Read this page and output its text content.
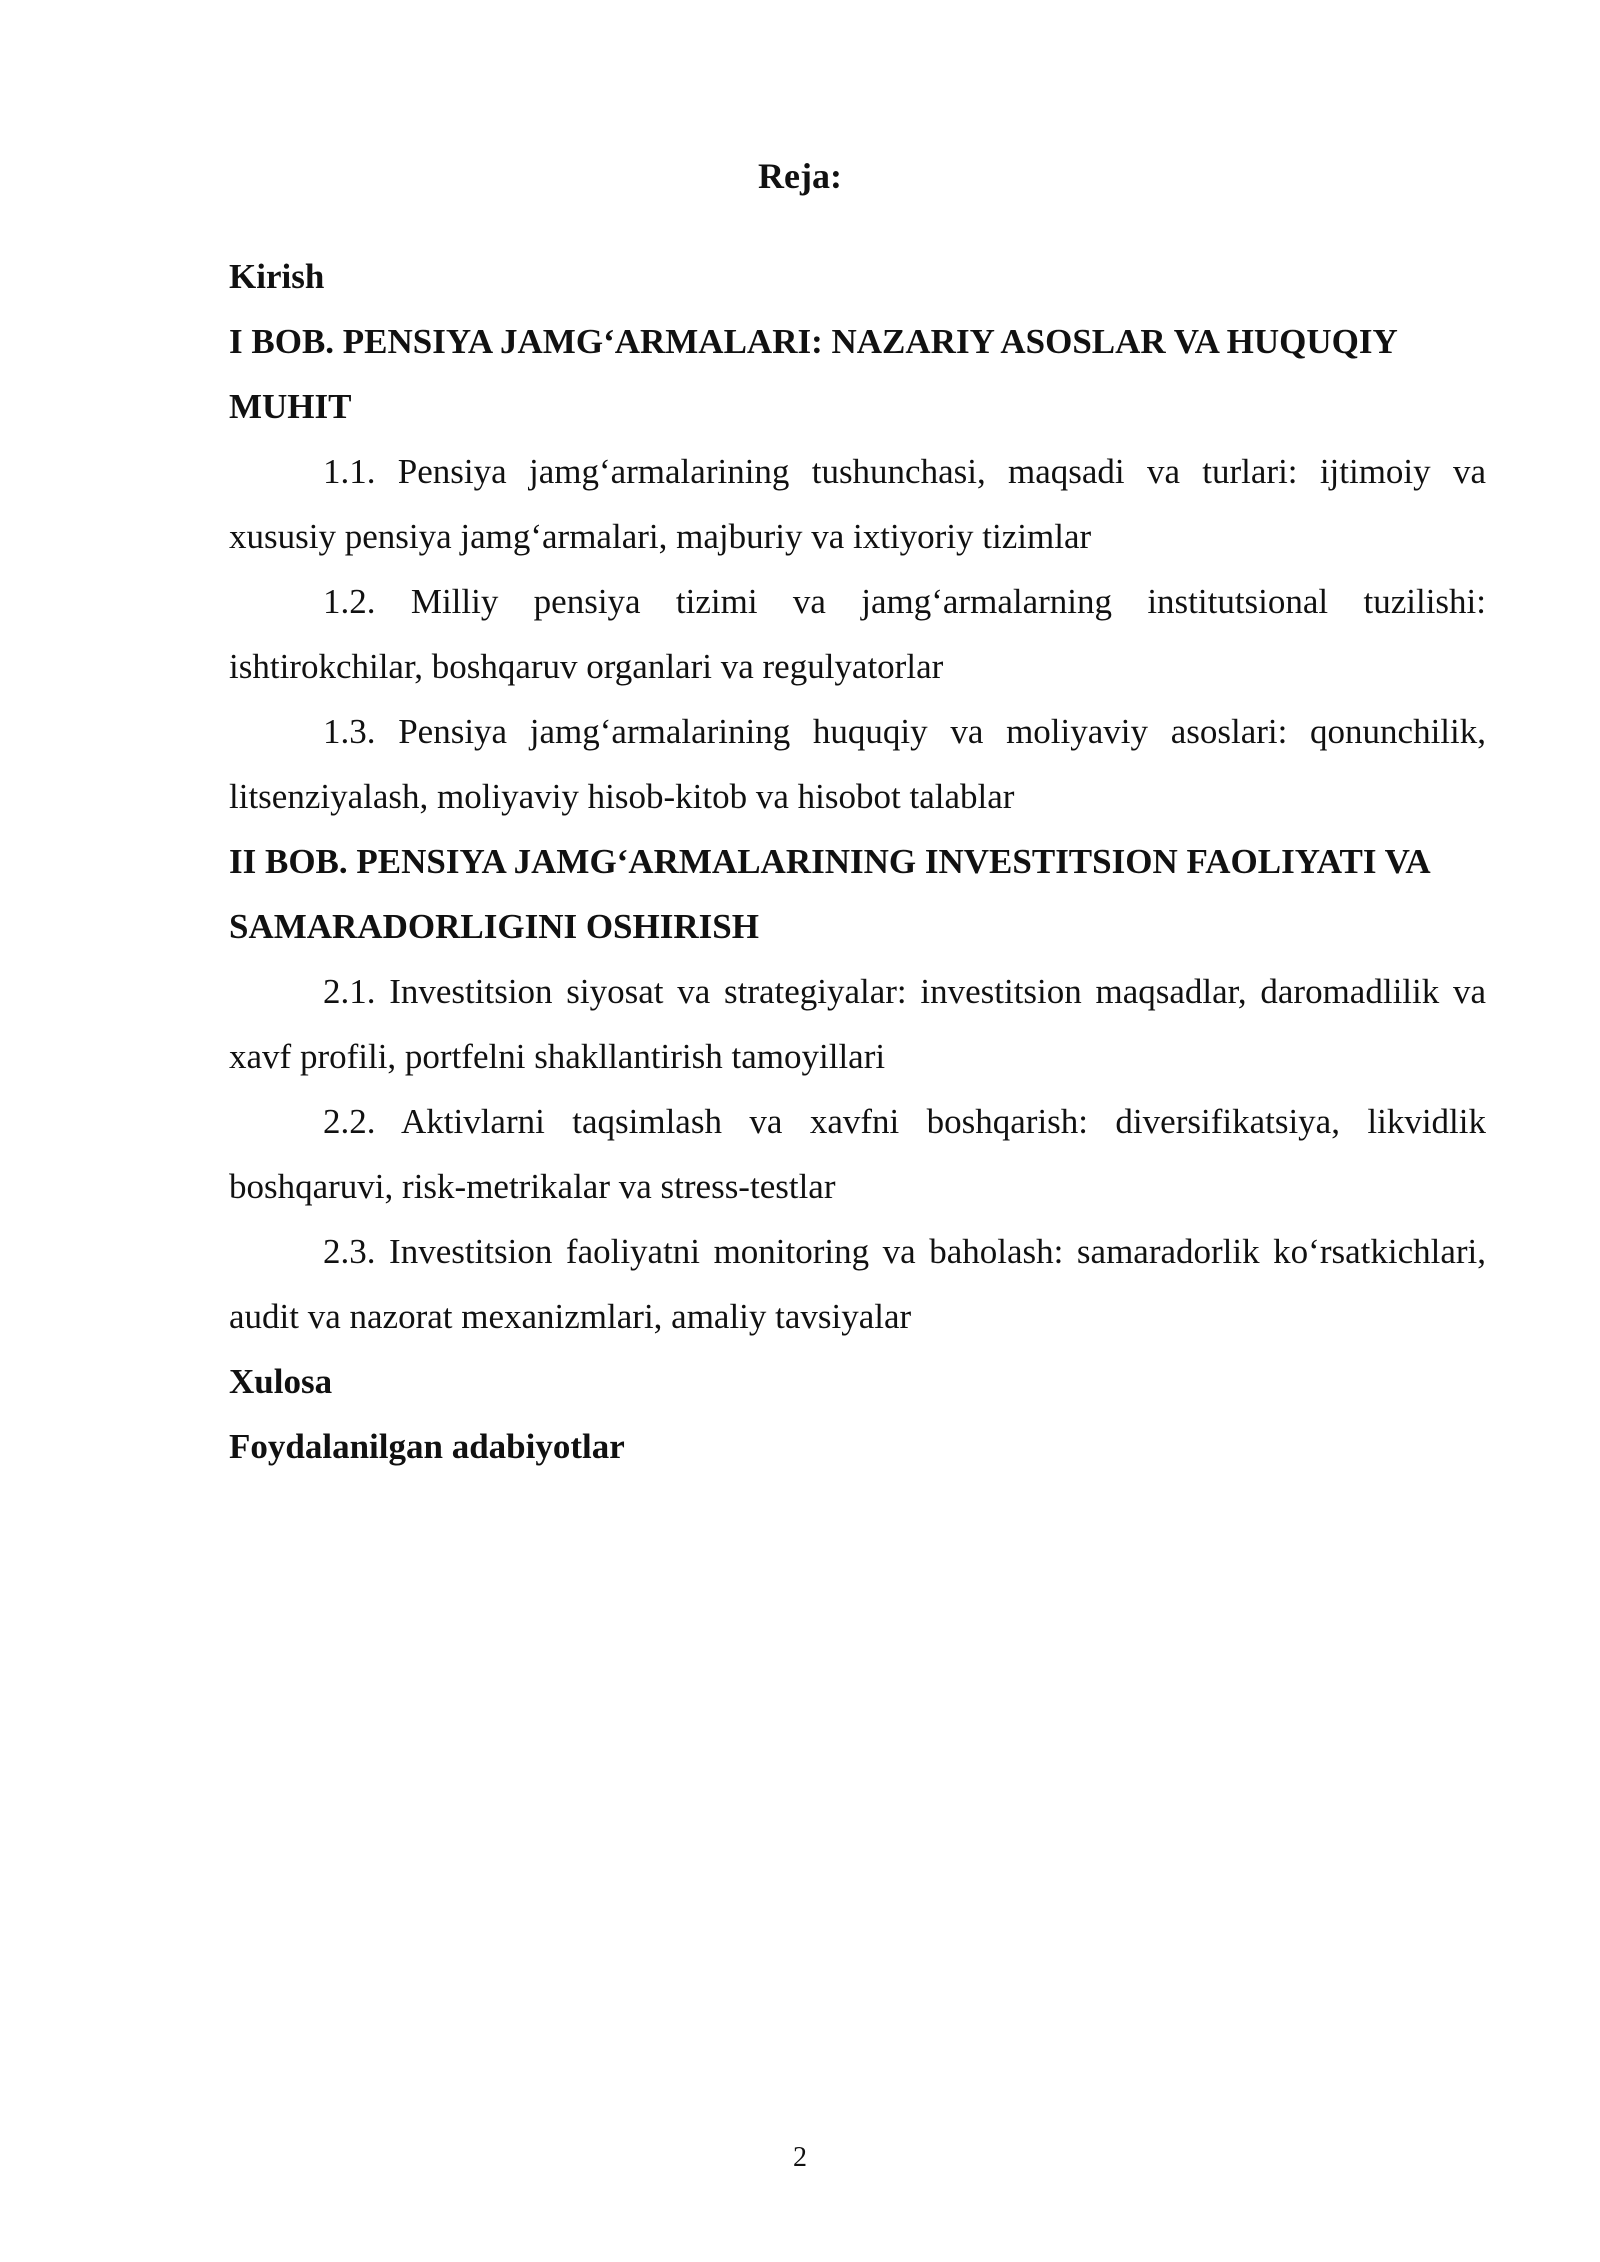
Reja:

Kirish

I BOB. PENSIYA JAMG‘ARMALARI: NAZARIY ASOSLAR VA HUQUQIY MUHIT

1.1. Pensiya jamg‘armalarining tushunchasi, maqsadi va turlari: ijtimoiy va xususiy pensiya jamg‘armalari, majburiy va ixtiyoriy tizimlar

1.2. Milliy pensiya tizimi va jamg‘armalarning institutsional tuzilishi: ishtirokchilar, boshqaruv organlari va regulyatorlar

1.3. Pensiya jamg‘armalarining huquqiy va moliyaviy asoslari: qonunchilik, litsenziyalash, moliyaviy hisob-kitob va hisobot talablar

II BOB. PENSIYA JAMG‘ARMALARINING INVESTITSION FAOLIYATI VA SAMARADORLIGINI OSHIRISH

2.1. Investitsion siyosat va strategiyalar: investitsion maqsadlar, daromadlilik va xavf profili, portfelni shakllantirish tamoyillari

2.2. Aktivlarni taqsimlash va xavfni boshqarish: diversifikatsiya, likvidlik boshqaruvi, risk-metrikalar va stress-testlar

2.3. Investitsion faoliyatni monitoring va baholash: samaradorlik ko‘rsatkichlari, audit va nazorat mexanizmlari, amaliy tavsiyalar

Xulosa

Foydalanilgan adabiyotlar

2
